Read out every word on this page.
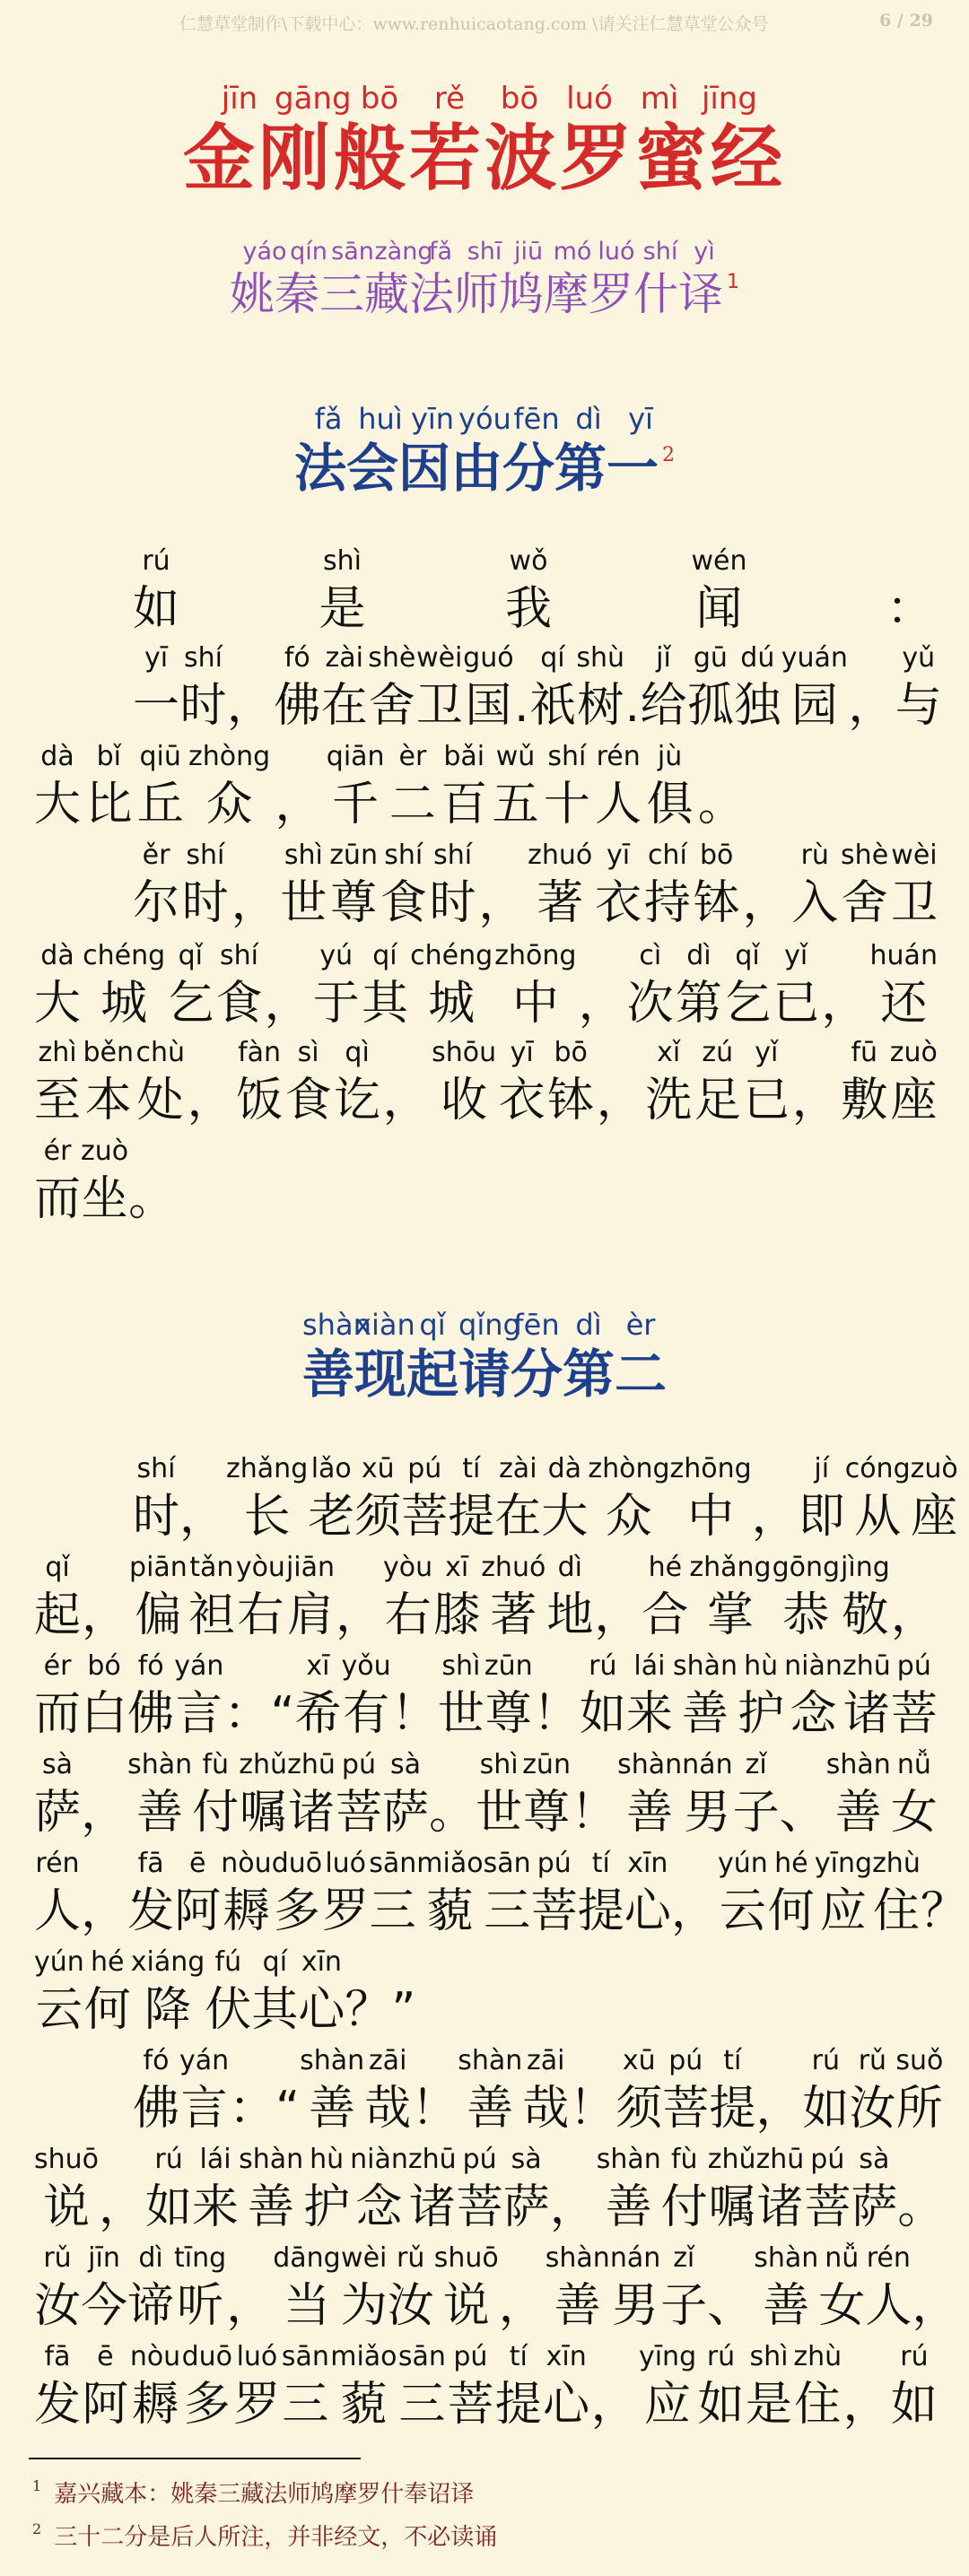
仁慧草堂制作\下载中心：www.renhuicaotang.com \请关注仁慧草堂公众号	6 / 29
jīn gāng bō	rě	bō luó mì jīng
金刚般若波罗蜜经
yáo qín sān zàng
fǎ shī jiū mó luó shí yì
姚秦三藏法师鸠摩罗什译 $^1$
fǎ huì yīn yóu fēn dì yī
法会因由分第一 $^2$
shàn
xiàn qǐ qǐng
fēn dì èr
善现起请分第二
rú
如
shì
是
wǒ
我
wén
闻	：
yī
一
shí
时 ，
fó
佛
zài
在
shè
舍
wèi
卫
guó
国 .
qí
祇
shù
树 .
jǐ
给
gū
孤
dú
独
yuán
园 ，
yǔ
与
dà
大
bǐ
比
qiū
丘
zhòng
众 ，
qiān
千
èr
二
bǎi
百
wǔ
五
shí
十
rén
人
jù
俱 。
ěr
尔
shí
时 ，
shì
世
zūn
尊
shí
食
shí
时 ，
zhuó
著
yī
衣
chí
持
bō
钵 ，
rù
入
shè
舍
wèi
卫
dà
大
chéng
城
qǐ
乞
shí
食 ，
yú
于
qí
其
chéng
城
zhōng
中 ，
cì
次
dì
第
qǐ
乞
yǐ
已 ，
huán
还
zhì
至
běn
本
chù
处 ，
fàn
饭
sì
食
qì
讫 ，
shōu
收
yī
衣
bō
钵 ，
xǐ
洗
zú
足
yǐ
已 ，
fū
敷
zuò
座
ér
而
zuò
坐 。
shí
时 ，
zhǎng
长
lǎo
老
xū
须
pú
菩
tí
提
zài
在
dà
大
zhòng
众
zhōng
中 ，
jí
即
cóng
从
zuò
座
qǐ
起 ，
piān
偏
tǎn
袒
yòu
右
jiān
肩 ，
yòu
右
xī
膝
zhuó
著
dì
地 ，
hé
合
zhǎng
掌
gōng
恭
jìng
敬 ，
ér
而
bó
白
fó
佛
yán
言 ：“
xī
希
yǒu
有 ！
shì
世
zūn
尊 ！
rú
如
lái
来
shàn
善
hù
护
niàn
念
zhū
诸
pú
菩
sà
萨 ，
shàn
善
fù
付
zhǔ
嘱
zhū
诸
pú
菩
sà
萨 。
shì
世
zūn
尊 ！
shàn
善
nán
男
zǐ
子 、
shàn
善
nǚ
女
rén
人 ，
fā
发
ē
阿
nòu
耨
duō
多
luó
罗
sān
三
miǎo
藐
sān
三
pú
菩
tí
提
xīn
心 ，
yún
云
hé
何
yīng
应
zhù
住 ？
yún
云
hé
何
xiáng
降
fú
伏
qí
其
xīn
心 ？”
fó
佛
yán
言 ：“
shàn
善
zāi
哉 ！
shàn
善
zāi
哉 ！
xū
须
pú
菩
tí
提 ，
rú
如
rǔ
汝
suǒ
所
shuō
说 ，
rú
如
lái
来
shàn
善
hù
护
niàn
念
zhū
诸
pú
菩
sà
萨 ，
shàn
善
fù
付
zhǔ
嘱
zhū
诸
pú
菩
sà
萨 。
rǔ
汝
jīn
今
dì
谛
tīng
听 ，
dāng
当
wèi
为
rǔ
汝
shuō
说 ，
shàn
善
nán
男
zǐ
子 、
shàn
善
nǚ
女
rén
人 ，
fā
发
ē
阿
nòu
耨
duō
多
luó
罗
sān
三
miǎo
藐
sān
三
pú
菩
tí
提
xīn
心 ，
yīng
应
rú
如
shì
是
zhù
住 ，
rú
如
$^1$ 嘉兴藏本：姚秦三藏法师鸠摩罗什奉诏译
$^2$ 三十二分是后人所注，并非经文，不必读诵
